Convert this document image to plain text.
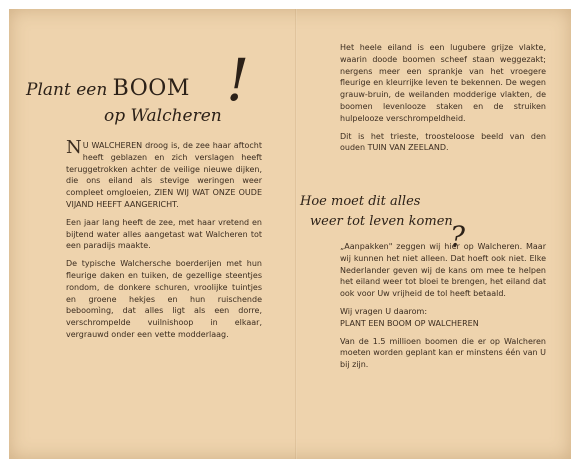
Plant een BOOM
op Walcheren
!

N U WALCHEREN droog is, de zee haar aftocht heeft geblazen en zich verslagen heeft teruggetrokken achter de veilige nieuwe dijken, die ons eiland als stevige weringen weer compleet omgloeien, ZIEN WIJ WAT ONZE OUDE VIJAND HEEFT AANGERICHT.

Een jaar lang heeft de zee, met haar vretend en bijtend water alles aangetast wat Walcheren tot een paradijs maakte.

De typische Walchersche boerderijen met hun fleurige daken en tuiken, de gezellige steentjes rondom, de donkere schuren, vroolijke tuintjes en groene hekjes en hun ruischende beboomìng, dat alles ligt als een dorre, verschrompelde vuilnishoop in elkaar, vergrauwd onder een vette modderlaag.

Het heele eiland is een lugubere grijze vlakte, waarin doode boomen scheef staan weggezakt; nergens meer een sprankje van het vroegere fleurige en kleurrijke leven te bekennen. De wegen grauw-bruin, de weilanden modderige vlakten, de boomen levenlooze staken en de struiken hulpelooze verschrompeldheid.

Dit is het trieste, troosteloose beeld van den ouden TUIN VAN ZEELAND.

Hoe moet dit alles
weer tot leven komen
?

„Aanpakken" zeggen wij hier op Walcheren. Maar wij kunnen het niet alleen. Dat hoeft ook niet. Elke Nederlander geven wij de kans om mee te helpen het eiland weer tot bloei te brengen, het eiland dat ook voor Uw vrijheid de tol heeft betaald.

Wij vragen U daarom:
PLANT EEN BOOM OP WALCHEREN

Van de 1.5 millioen boomen die er op Walcheren moeten worden geplant kan er minstens één van U bij zijn.
